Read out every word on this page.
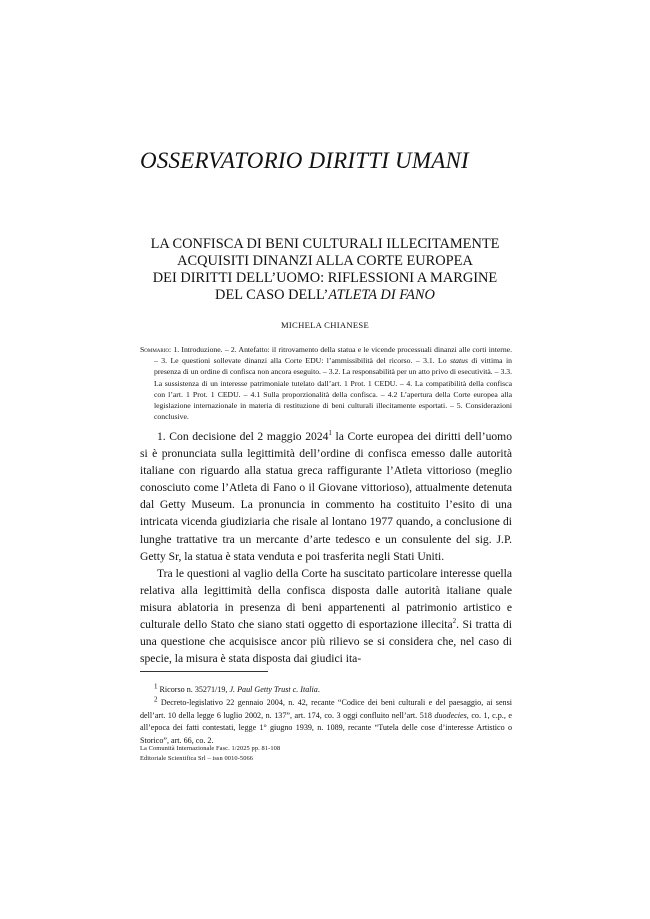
OSSERVATORIO DIRITTI UMANI
LA CONFISCA DI BENI CULTURALI ILLECITAMENTE
ACQUISITI DINANZI ALLA CORTE EUROPEA
DEI DIRITTI DELL’UOMO: RIFLESSIONI A MARGINE
DEL CASO DELL’ATLETA DI FANO
MICHELA CHIANESE

Sommario: 1. Introduzione. – 2. Antefatto: il ritrovamento della statua e le vicende processuali dinanzi alle corti interne. – 3. Le questioni sollevate dinanzi alla Corte EDU: l’ammissibilità del ricorso. – 3.1. Lo status di vittima in presenza di un ordine di confisca non ancora eseguito. – 3.2. La responsabilità per un atto privo di esecutività. – 3.3. La sussistenza di un interesse patrimoniale tutelato dall’art. 1 Prot. 1 CEDU. – 4. La compatibilità della confisca con l’art. 1 Prot. 1 CEDU. – 4.1 Sulla proporzionalità della confisca. – 4.2 L’apertura della Corte europea alla legislazione internazionale in materia di restituzione di beni culturali illecitamente esportati. – 5. Considerazioni conclusive.

1. Con decisione del 2 maggio 2024$^1$ la Corte europea dei diritti dell’uomo si è pronunciata sulla legittimità dell’ordine di confisca emesso dalle autorità italiane con riguardo alla statua greca raffigurante l’Atleta vittorioso (meglio conosciuto come l’Atleta di Fano o il Giovane vittorioso), attualmente detenuta dal Getty Museum. La pronuncia in commento ha costituito l’esito di una intricata vicenda giudiziaria che risale al lontano 1977 quando, a conclusione di lunghe trattative tra un mercante d’arte tedesco e un consulente del sig. J.P. Getty Sr, la statua è stata venduta e poi trasferita negli Stati Uniti.

Tra le questioni al vaglio della Corte ha suscitato particolare interesse quella relativa alla legittimità della confisca disposta dalle autorità italiane quale misura ablatoria in presenza di beni appartenenti al patrimonio artistico e culturale dello Stato che siano stati oggetto di esportazione illecita$^2$. Si tratta di una questione che acquisisce ancor più rilievo se si considera che, nel caso di specie, la misura è stata disposta dai giudici ita-

$^1$ Ricorso n. 35271/19, J. Paul Getty Trust c. Italia.

$^2$ Decreto-legislativo 22 gennaio 2004, n. 42, recante “Codice dei beni culturali e del paesaggio, ai sensi dell’art. 10 della legge 6 luglio 2002, n. 137”, art. 174, co. 3 oggi confluito nell’art. 518 duodecies, co. 1, c.p., e all’epoca dei fatti contestati, legge 1° giugno 1939, n. 1089, recante “Tutela delle cose d’interesse Artistico o Storico”, art. 66, co. 2.

La Comunità Internazionale Fasc. 1/2025 pp. 81-108
Editoriale Scientifica Srl – issn 0010-5066
